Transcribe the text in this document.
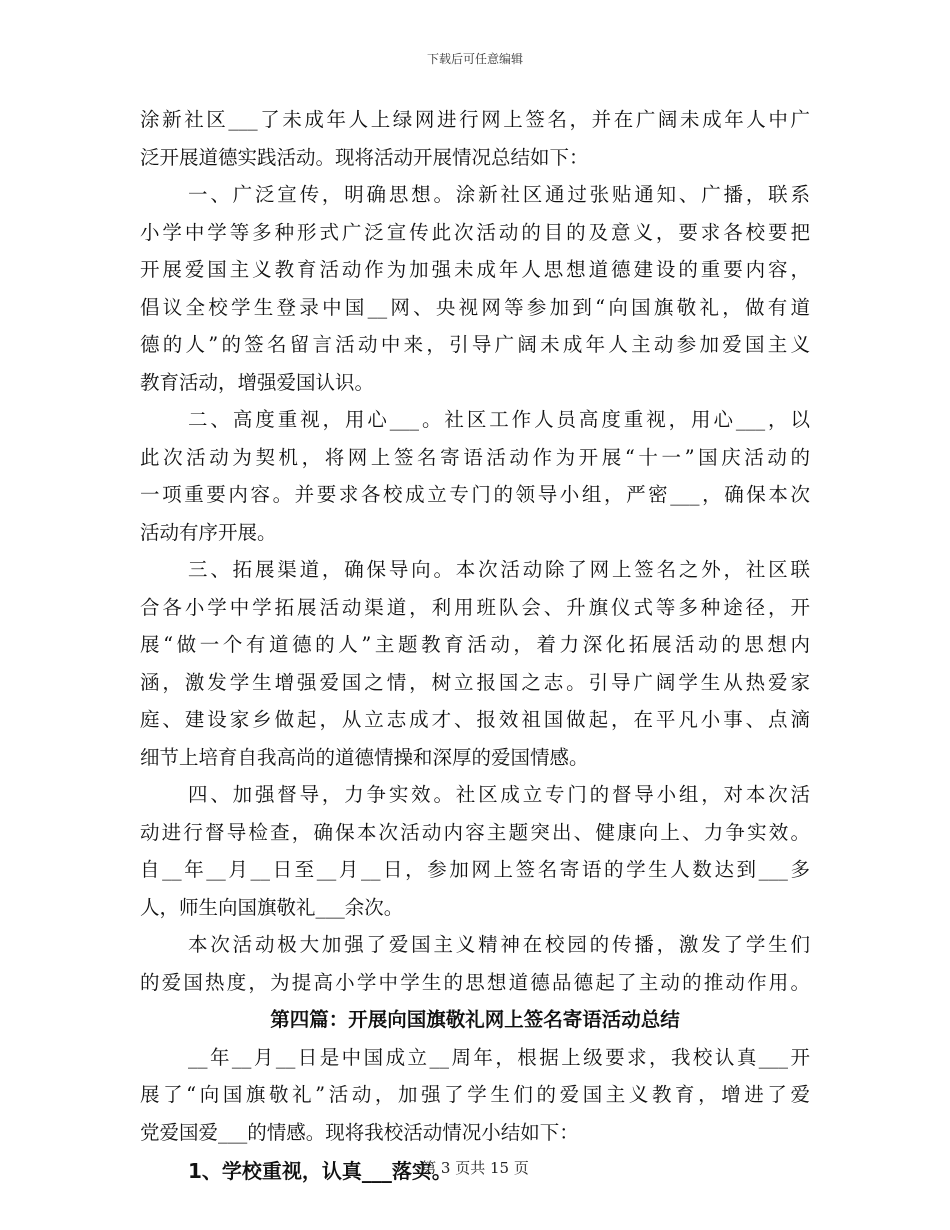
下载后可任意编辑
涂新社区___了未成年人上绿网进行网上签名，并在广阔未成年人中广
泛开展道德实践活动。现将活动开展情况总结如下：
一、广泛宣传，明确思想。涂新社区通过张贴通知、广播，联系
小学中学等多种形式广泛宣传此次活动的目的及意义，要求各校要把
开展爱国主义教育活动作为加强未成年人思想道德建设的重要内容，
倡议全校学生登录中国__网、央视网等参加到“向国旗敬礼，做有道
德的人”的签名留言活动中来，引导广阔未成年人主动参加爱国主义
教育活动，增强爱国认识。
二、高度重视，用心___。社区工作人员高度重视，用心___，以
此次活动为契机，将网上签名寄语活动作为开展“十一”国庆活动的
一项重要内容。并要求各校成立专门的领导小组，严密___，确保本次
活动有序开展。
三、拓展渠道，确保导向。本次活动除了网上签名之外，社区联
合各小学中学拓展活动渠道，利用班队会、升旗仪式等多种途径，开
展“做一个有道德的人”主题教育活动，着力深化拓展活动的思想内
涵，激发学生增强爱国之情，树立报国之志。引导广阔学生从热爱家
庭、建设家乡做起，从立志成才、报效祖国做起，在平凡小事、点滴
细节上培育自我高尚的道德情操和深厚的爱国情感。
四、加强督导，力争实效。社区成立专门的督导小组，对本次活
动进行督导检查，确保本次活动内容主题突出、健康向上、力争实效。
自__年__月__日至__月__日，参加网上签名寄语的学生人数达到___多
人，师生向国旗敬礼___余次。
本次活动极大加强了爱国主义精神在校园的传播，激发了学生们
的爱国热度，为提高小学中学生的思想道德品德起了主动的推动作用。
第四篇：开展向国旗敬礼网上签名寄语活动总结
__年__月__日是中国成立__周年，根据上级要求，我校认真___开
展了“向国旗敬礼”活动，加强了学生们的爱国主义教育，增进了爱
党爱国爱___的情感。现将我校活动情况小结如下：
1、学校重视，认真___落实。
第 3 页共 15 页
